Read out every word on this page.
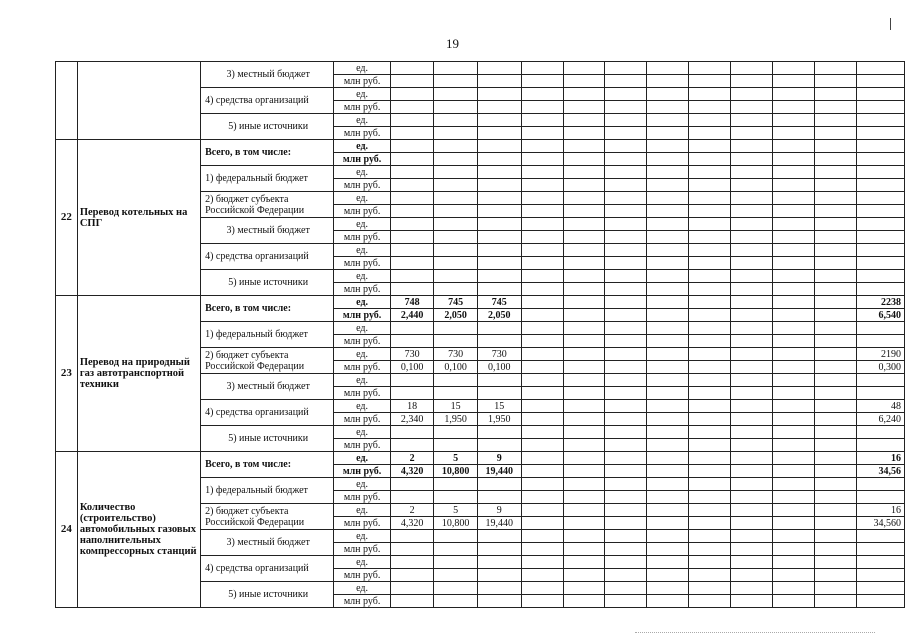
19
		3) местный бюджет	ед.												
			млн руб.												
		4) средства организаций	ед.												
			млн руб.												
		5) иные источники	ед.												
			млн руб.												
22	Перевод котельных на СПГ	Всего, в том числе:	ед.												
			млн руб.												
		1) федеральный бюджет	ед.												
			млн руб.												
		2) бюджет субъекта Российской Федерации	ед.												
			млн руб.												
		3) местный бюджет	ед.												
			млн руб.												
		4) средства организаций	ед.												
			млн руб.												
		5) иные источники	ед.												
			млн руб.												
23	Перевод на природный газ автотранспортной техники	Всего, в том числе:	ед.	748	745	745									2238
			млн руб.	2,440	2,050	2,050									6,540
		1) федеральный бюджет	ед.												
			млн руб.												
		2) бюджет субъекта Российской Федерации	ед.	730	730	730									2190
			млн руб.	0,100	0,100	0,100									0,300
		3) местный бюджет	ед.												
			млн руб.												
		4) средства организаций	ед.	18	15	15									48
			млн руб.	2,340	1,950	1,950									6,240
		5) иные источники	ед.												
			млн руб.												
24	Количество (строительство) автомобильных газовых наполнительных компрессорных станций	Всего, в том числе:	ед.	2	5	9									16
			млн руб.	4,320	10,800	19,440									34,56
		1) федеральный бюджет	ед.												
			млн руб.												
		2) бюджет субъекта Российской Федерации	ед.	2	5	9									16
			млн руб.	4,320	10,800	19,440									34,560
		3) местный бюджет	ед.												
			млн руб.												
		4) средства организаций	ед.												
			млн руб.												
		5) иные источники	ед.												
			млн руб.												
